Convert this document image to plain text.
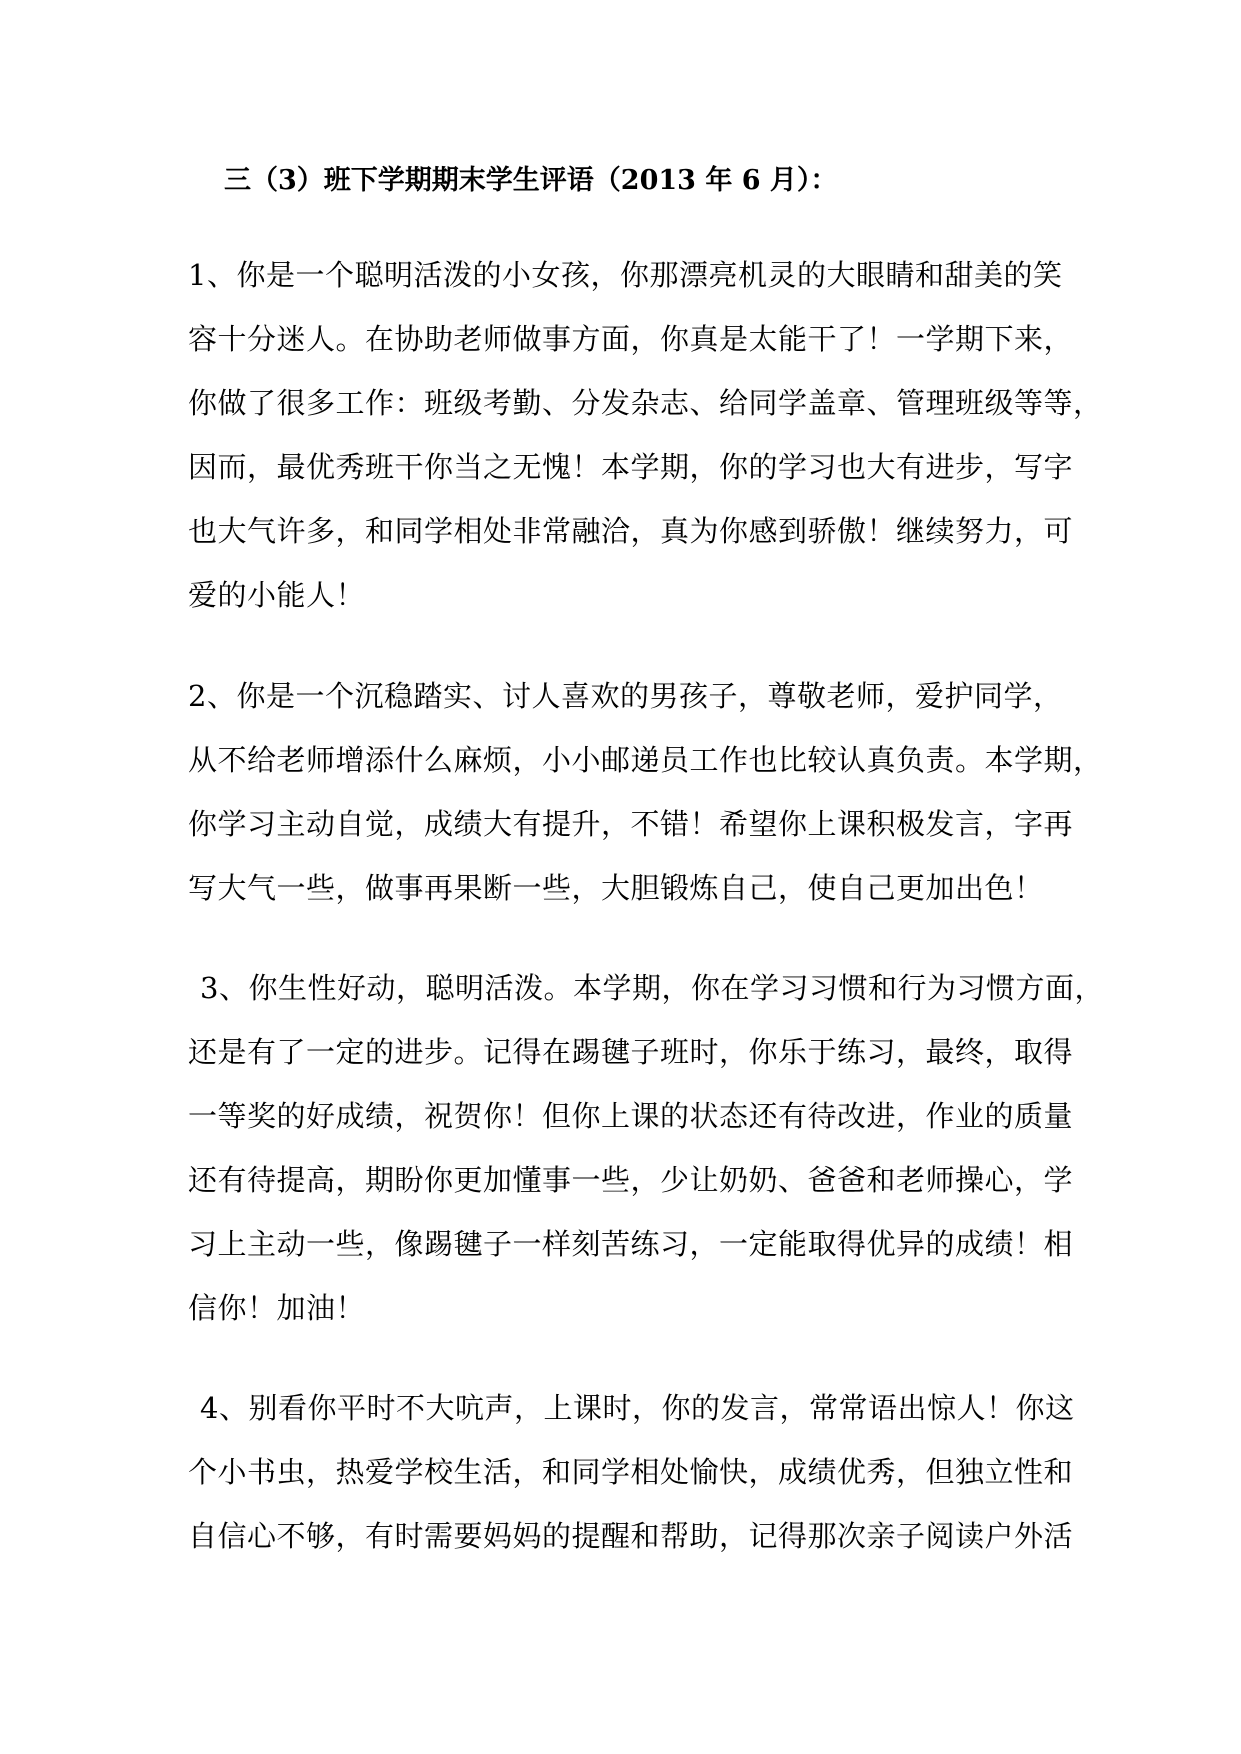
三（3）班下学期期末学生评语（2013 年 6 月）：
1、你是一个聪明活泼的小女孩，你那漂亮机灵的大眼睛和甜美的笑
容十分迷人。在协助老师做事方面，你真是太能干了！一学期下来，
你做了很多工作：班级考勤、分发杂志、给同学盖章、管理班级等等，
因而，最优秀班干你当之无愧！本学期，你的学习也大有进步，写字
也大气许多，和同学相处非常融洽，真为你感到骄傲！继续努力，可
爱的小能人！
2、你是一个沉稳踏实、讨人喜欢的男孩子，尊敬老师，爱护同学，
从不给老师增添什么麻烦，小小邮递员工作也比较认真负责。本学期，
你学习主动自觉，成绩大有提升，不错！希望你上课积极发言，字再
写大气一些，做事再果断一些，大胆锻炼自己，使自己更加出色！
3、你生性好动，聪明活泼。本学期，你在学习习惯和行为习惯方面，
还是有了一定的进步。记得在踢毽子班时，你乐于练习，最终，取得
一等奖的好成绩，祝贺你！但你上课的状态还有待改进，作业的质量
还有待提高，期盼你更加懂事一些，少让奶奶、爸爸和老师操心，学
习上主动一些，像踢毽子一样刻苦练习，一定能取得优异的成绩！相
信你！加油！
4、别看你平时不大吭声，上课时，你的发言，常常语出惊人！你这
个小书虫，热爱学校生活，和同学相处愉快，成绩优秀，但独立性和
自信心不够，有时需要妈妈的提醒和帮助，记得那次亲子阅读户外活
